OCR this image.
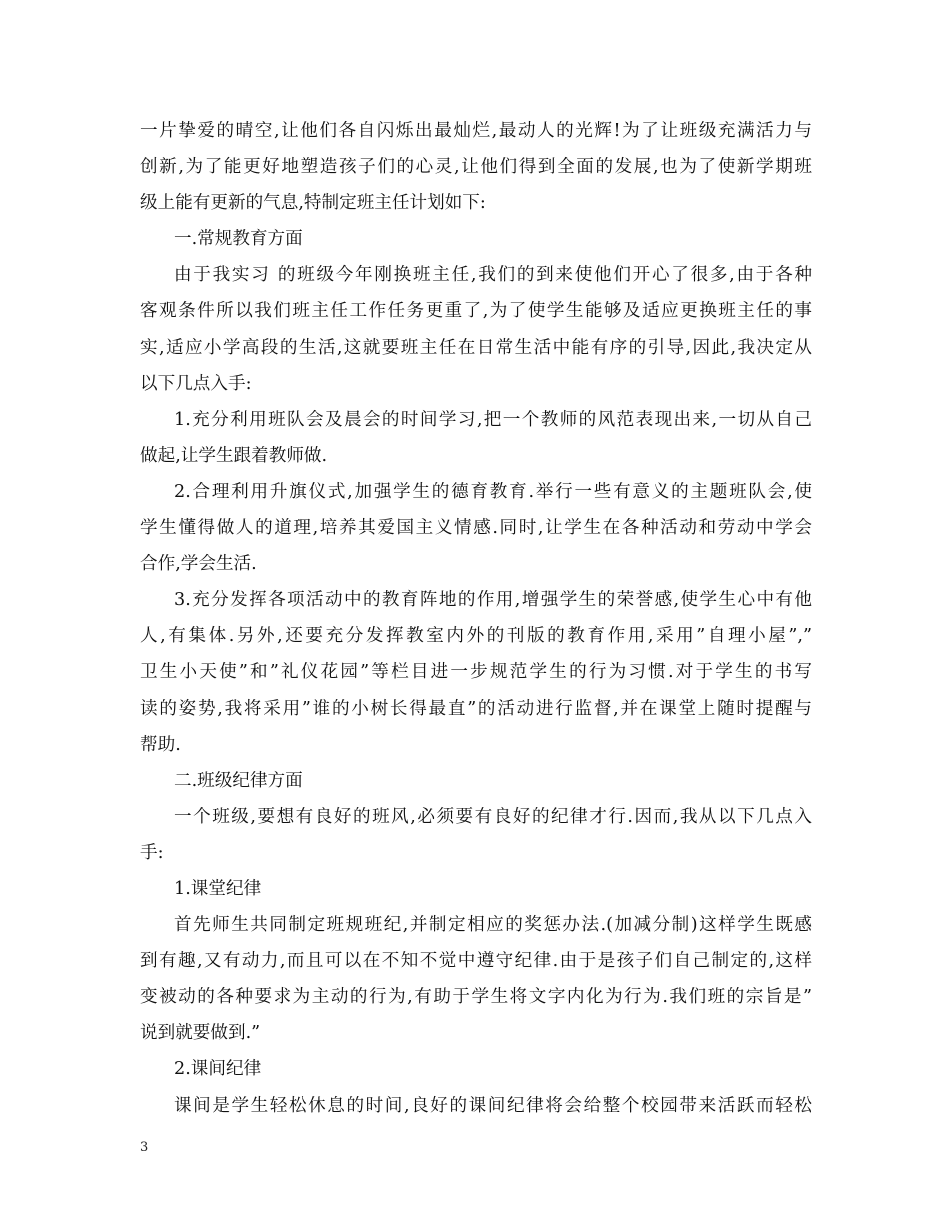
一片挚爱的晴空,让他们各自闪烁出最灿烂,最动人的光辉!为了让班级充满活力与
创新,为了能更好地塑造孩子们的心灵,让他们得到全面的发展,也为了使新学期班
级上能有更新的气息,特制定班主任计划如下:
一.常规教育方面
由于我实习 的班级今年刚换班主任,我们的到来使他们开心了很多,由于各种
客观条件所以我们班主任工作任务更重了,为了使学生能够及适应更换班主任的事
实,适应小学高段的生活,这就要班主任在日常生活中能有序的引导,因此,我决定从
以下几点入手:
1.充分利用班队会及晨会的时间学习,把一个教师的风范表现出来,一切从自己
做起,让学生跟着教师做.
2.合理利用升旗仪式,加强学生的德育教育.举行一些有意义的主题班队会,使
学生懂得做人的道理,培养其爱国主义情感.同时,让学生在各种活动和劳动中学会
合作,学会生活.
3.充分发挥各项活动中的教育阵地的作用,增强学生的荣誉感,使学生心中有他
人,有集体.另外,还要充分发挥教室内外的刊版的教育作用,采用”自理小屋”,”
卫生小天使”和”礼仪花园”等栏目进一步规范学生的行为习惯.对于学生的书写
读的姿势,我将采用”谁的小树长得最直”的活动进行监督,并在课堂上随时提醒与
帮助.
二.班级纪律方面
一个班级,要想有良好的班风,必须要有良好的纪律才行.因而,我从以下几点入
手:
1.课堂纪律
首先师生共同制定班规班纪,并制定相应的奖惩办法.(加减分制)这样学生既感
到有趣,又有动力,而且可以在不知不觉中遵守纪律.由于是孩子们自己制定的,这样
变被动的各种要求为主动的行为,有助于学生将文字内化为行为.我们班的宗旨是”
说到就要做到.”
2.课间纪律
课间是学生轻松休息的时间,良好的课间纪律将会给整个校园带来活跃而轻松
3
